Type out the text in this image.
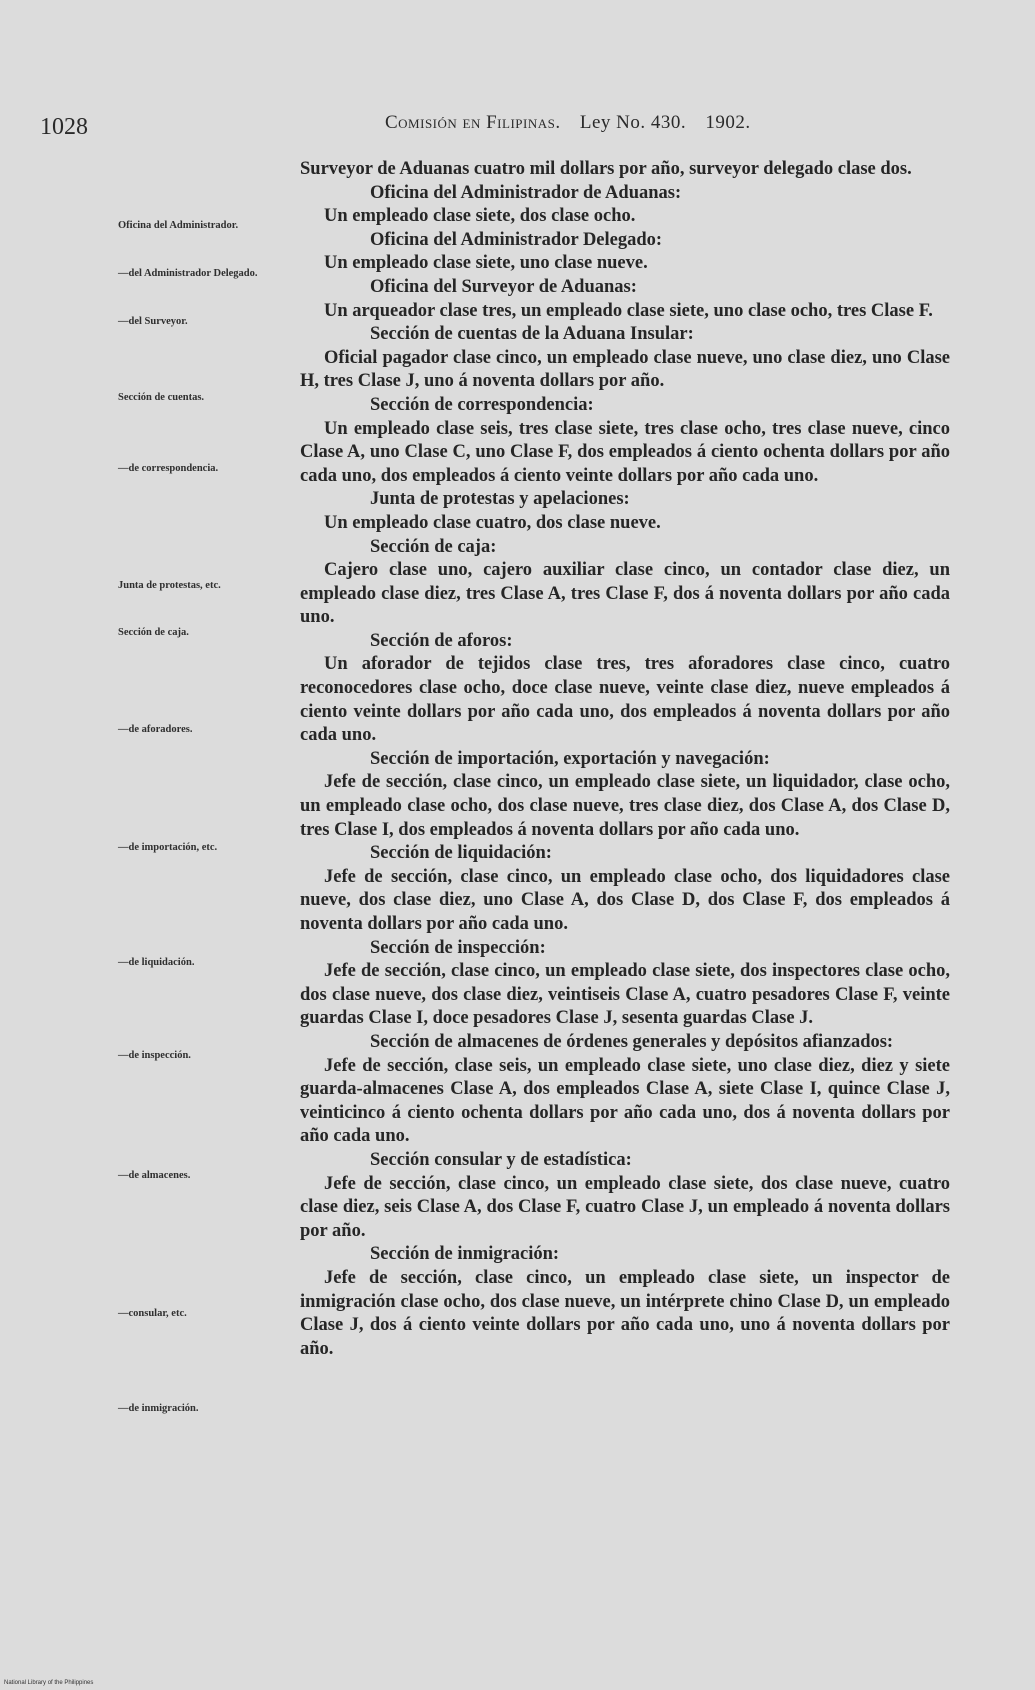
1028	Comisión en Filipinas. Ley No. 430. 1902.
Oficina del Administrador.
—del Administrador Delegado.
—del Surveyor.
Sección de cuentas.
—de correspondencia.
Junta de protestas, etc.
Sección de caja.
—de aforadores.
—de importación, etc.
—de liquidación.
—de inspección.
—de almacenes.
—consular, etc.
—de inmigración.

Surveyor de Aduanas cuatro mil dollars por año, surveyor delegado clase dos.

Oficina del Administrador de Aduanas:

Un empleado clase siete, dos clase ocho.

Oficina del Administrador Delegado:

Un empleado clase siete, uno clase nueve.

Oficina del Surveyor de Aduanas:

Un arqueador clase tres, un empleado clase siete, uno clase ocho, tres Clase F.

Sección de cuentas de la Aduana Insular:

Oficial pagador clase cinco, un empleado clase nueve, uno clase diez, uno Clase H, tres Clase J, uno á noventa dollars por año.

Sección de correspondencia:

Un empleado clase seis, tres clase siete, tres clase ocho, tres clase nueve, cinco Clase A, uno Clase C, uno Clase F, dos empleados á ciento ochenta dollars por año cada uno, dos empleados á ciento veinte dollars por año cada uno.

Junta de protestas y apelaciones:

Un empleado clase cuatro, dos clase nueve.

Sección de caja:

Cajero clase uno, cajero auxiliar clase cinco, un contador clase diez, un empleado clase diez, tres Clase A, tres Clase F, dos á noventa dollars por año cada uno.

Sección de aforos:

Un aforador de tejidos clase tres, tres aforadores clase cinco, cuatro reconocedores clase ocho, doce clase nueve, veinte clase diez, nueve empleados á ciento veinte dollars por año cada uno, dos empleados á noventa dollars por año cada uno.

Sección de importación, exportación y navegación:

Jefe de sección, clase cinco, un empleado clase siete, un liquidador, clase ocho, un empleado clase ocho, dos clase nueve, tres clase diez, dos Clase A, dos Clase D, tres Clase I, dos empleados á noventa dollars por año cada uno.

Sección de liquidación:

Jefe de sección, clase cinco, un empleado clase ocho, dos liquidadores clase nueve, dos clase diez, uno Clase A, dos Clase D, dos Clase F, dos empleados á noventa dollars por año cada uno.

Sección de inspección:

Jefe de sección, clase cinco, un empleado clase siete, dos inspectores clase ocho, dos clase nueve, dos clase diez, veintiseis Clase A, cuatro pesadores Clase F, veinte guardas Clase I, doce pesadores Clase J, sesenta guardas Clase J.

Sección de almacenes de órdenes generales y depósitos afianzados:

Jefe de sección, clase seis, un empleado clase siete, uno clase diez, diez y siete guarda-almacenes Clase A, dos empleados Clase A, siete Clase I, quince Clase J, veinticinco á ciento ochenta dollars por año cada uno, dos á noventa dollars por año cada uno.

Sección consular y de estadística:

Jefe de sección, clase cinco, un empleado clase siete, dos clase nueve, cuatro clase diez, seis Clase A, dos Clase F, cuatro Clase J, un empleado á noventa dollars por año.

Sección de inmigración:

Jefe de sección, clase cinco, un empleado clase siete, un inspector de inmigración clase ocho, dos clase nueve, un intérprete chino Clase D, un empleado Clase J, dos á ciento veinte dollars por año cada uno, uno á noventa dollars por año.

National Library of the Philippines
